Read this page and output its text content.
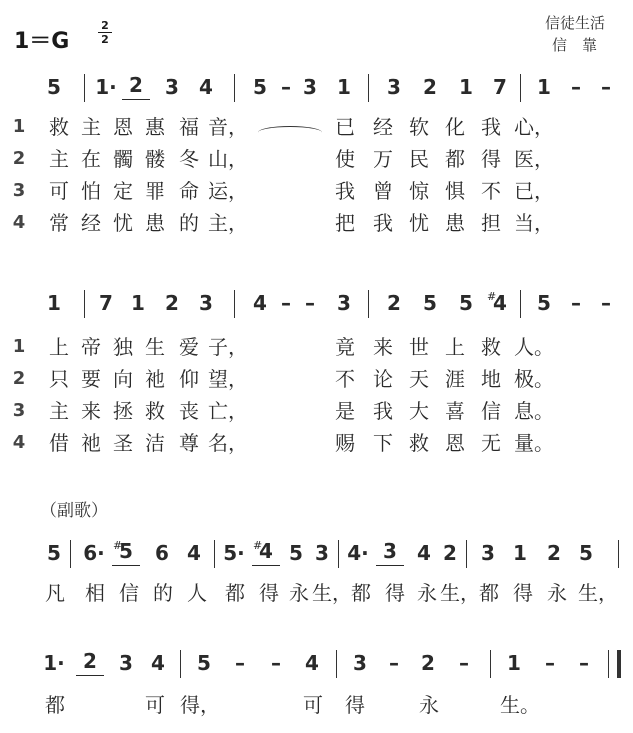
1＝G
2
2
信徒生活
信　靠
5	1· 2	3	4	5 – 3	1	3	2	1	7	1	–	–
1	救 主 恩 惠 福 音，	已 经 软 化 我 心，
2	主 在 髑 髅 冬 山，	使 万 民 都 得 医，
3	可 怕 定 罪 命 运，	我 曾 惊 惧 不 已，
4	常 经 忧 患 的 主，	把 我 忧 患 担 当，
1	7 1	2	3	4 – –	3	2	5	5	# 4	5	–	–
1	上 帝 独 生 爱 子，	竟 来 世 上 救 人。
2	只 要 向 祂 仰 望，	不 论 天 涯 地 极。
3	主 来 拯 救 丧 亡，	是 我 大 喜 信 息。
4	借 祂 圣 洁 尊 名，	赐 下 救 恩 无 量。
（副歌）
5	6· # 5	6 4	5· # 4 5 3 4· 3	4 2	3 1	2 5
凡 相 信 的 人 都 得 永 生， 都 得 永 生， 都 得 永 生，
1· 2	3 4	5	–	–	4	3	–	2	–	1	–	–
都	可 得，	可 得	永	生。
